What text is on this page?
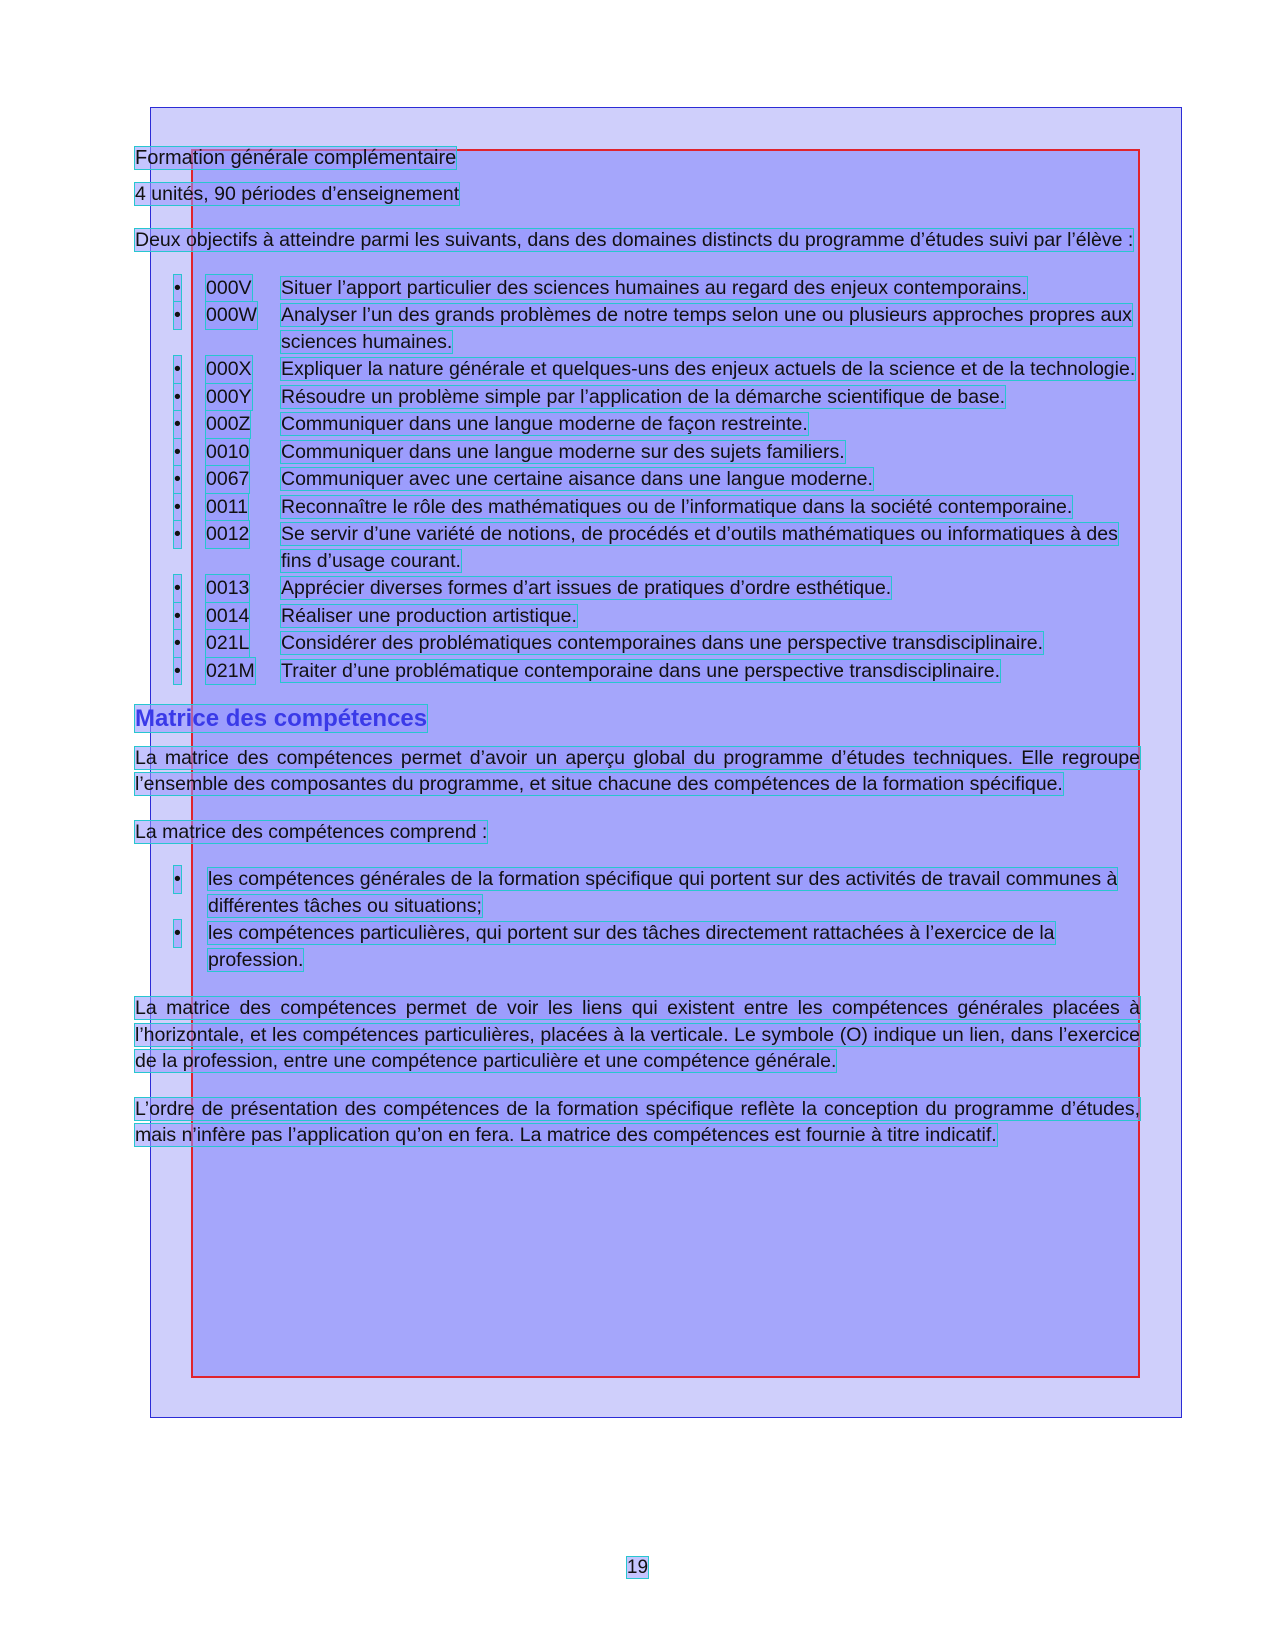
Formation générale complémentaire

4 unités, 90 périodes d’enseignement

Deux objectifs à atteindre parmi les suivants, dans des domaines distincts du programme d’études suivi par l’élève :

• 000V Situer l’apport particulier des sciences humaines au regard des enjeux contemporains.
• 000W Analyser l’un des grands problèmes de notre temps selon une ou plusieurs approches propres aux sciences humaines.
• 000X Expliquer la nature générale et quelques-uns des enjeux actuels de la science et de la technologie.
• 000Y Résoudre un problème simple par l’application de la démarche scientifique de base.
• 000Z Communiquer dans une langue moderne de façon restreinte.
• 0010 Communiquer dans une langue moderne sur des sujets familiers.
• 0067 Communiquer avec une certaine aisance dans une langue moderne.
• 0011 Reconnaître le rôle des mathématiques ou de l’informatique dans la société contemporaine.
• 0012 Se servir d’une variété de notions, de procédés et d’outils mathématiques ou informatiques à des fins d’usage courant.
• 0013 Apprécier diverses formes d’art issues de pratiques d’ordre esthétique.
• 0014 Réaliser une production artistique.
• 021L Considérer des problématiques contemporaines dans une perspective transdisciplinaire.
• 021M Traiter d’une problématique contemporaine dans une perspective transdisciplinaire.

Matrice des compétences

La matrice des compétences permet d’avoir un aperçu global du programme d’études techniques. Elle regroupe l’ensemble des composantes du programme, et situe chacune des compétences de la formation spécifique.

La matrice des compétences comprend :

• les compétences générales de la formation spécifique qui portent sur des activités de travail communes à différentes tâches ou situations;
• les compétences particulières, qui portent sur des tâches directement rattachées à l’exercice de la profession.

La matrice des compétences permet de voir les liens qui existent entre les compétences générales placées à l’horizontale, et les compétences particulières, placées à la verticale. Le symbole (O) indique un lien, dans l’exercice de la profession, entre une compétence particulière et une compétence générale.

L’ordre de présentation des compétences de la formation spécifique reflète la conception du programme d’études, mais n’infère pas l’application qu’on en fera. La matrice des compétences est fournie à titre indicatif.

19
